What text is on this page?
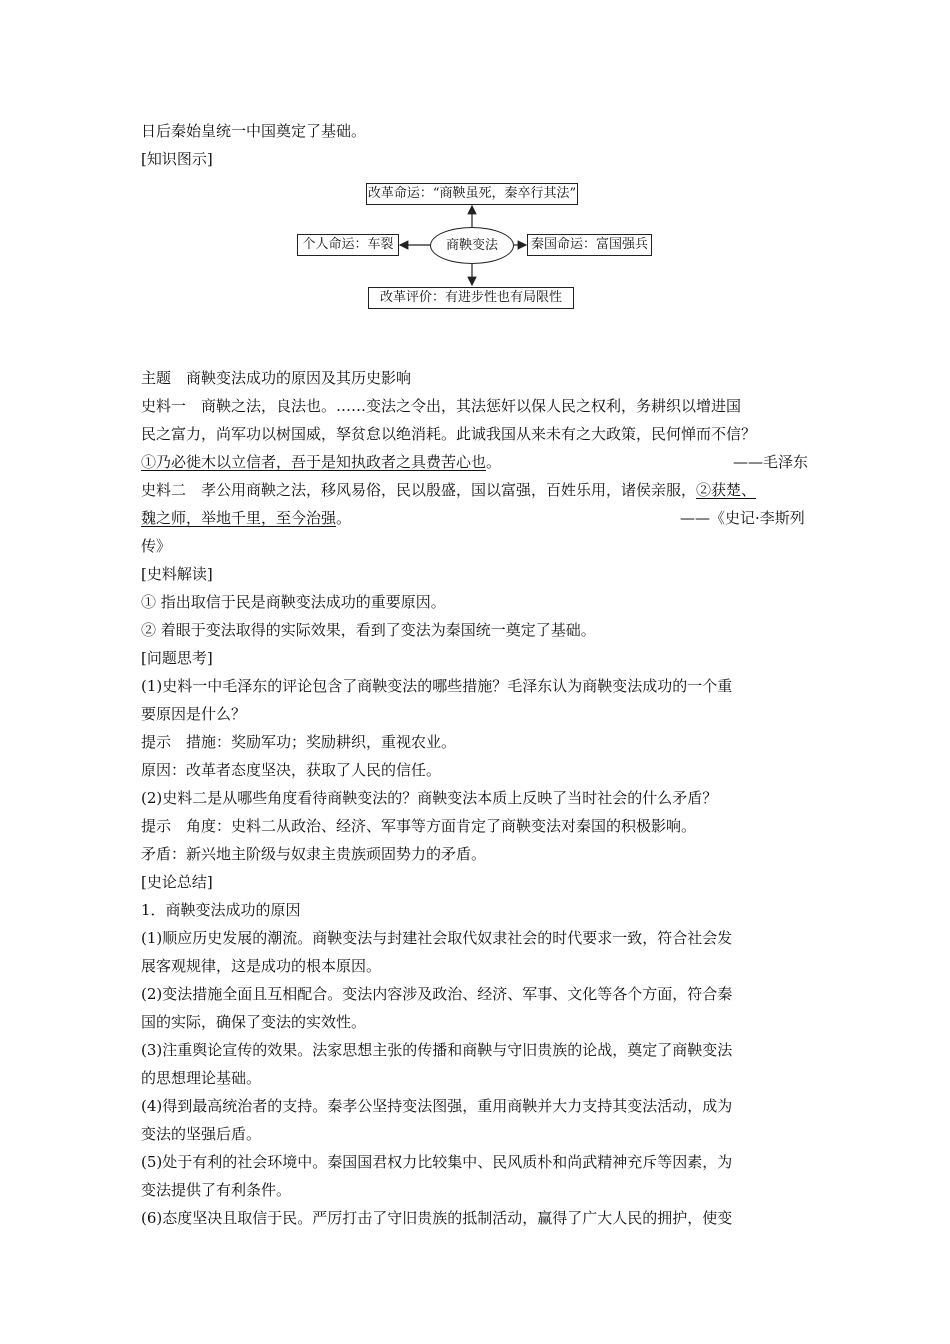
日后秦始皇统一中国奠定了基础。
[知识图示]
改革命运：“商鞅虽死，秦卒行其法”
商鞅变法
个人命运：车裂	秦国命运：富国强兵
改革评价：有进步性也有局限性
主题　商鞅变法成功的原因及其历史影响
史料一　商鞅之法，良法也。……变法之令出，其法惩奸以保人民之权利，务耕织以增进国
民之富力，尚军功以树国威，孥贫怠以绝消耗。此诚我国从来未有之大政策，民何惮而不信？
①乃必徙木以立信者，吾于是知执政者之具费苦心也。	——毛泽东
史料二　孝公用商鞅之法，移风易俗，民以殷盛，国以富强，百姓乐用，诸侯亲服，②获楚、
魏之师，举地千里，至今治强。	——《史记·李斯列
传》
[史料解读]
① 指出取信于民是商鞅变法成功的重要原因。
② 着眼于变法取得的实际效果，看到了变法为秦国统一奠定了基础。
[问题思考]
(1)史料一中毛泽东的评论包含了商鞅变法的哪些措施？毛泽东认为商鞅变法成功的一个重
要原因是什么？
提示　措施：奖励军功；奖励耕织，重视农业。
原因：改革者态度坚决，获取了人民的信任。
(2)史料二是从哪些角度看待商鞅变法的？商鞅变法本质上反映了当时社会的什么矛盾？
提示　角度：史料二从政治、经济、军事等方面肯定了商鞅变法对秦国的积极影响。
矛盾：新兴地主阶级与奴隶主贵族顽固势力的矛盾。
[史论总结]
1．商鞅变法成功的原因
(1)顺应历史发展的潮流。商鞅变法与封建社会取代奴隶社会的时代要求一致，符合社会发
展客观规律，这是成功的根本原因。
(2)变法措施全面且互相配合。变法内容涉及政治、经济、军事、文化等各个方面，符合秦
国的实际，确保了变法的实效性。
(3)注重舆论宣传的效果。法家思想主张的传播和商鞅与守旧贵族的论战，奠定了商鞅变法
的思想理论基础。
(4)得到最高统治者的支持。秦孝公坚持变法图强，重用商鞅并大力支持其变法活动，成为
变法的坚强后盾。
(5)处于有利的社会环境中。秦国国君权力比较集中、民风质朴和尚武精神充斥等因素，为
变法提供了有利条件。
(6)态度坚决且取信于民。严厉打击了守旧贵族的抵制活动，赢得了广大人民的拥护，使变
